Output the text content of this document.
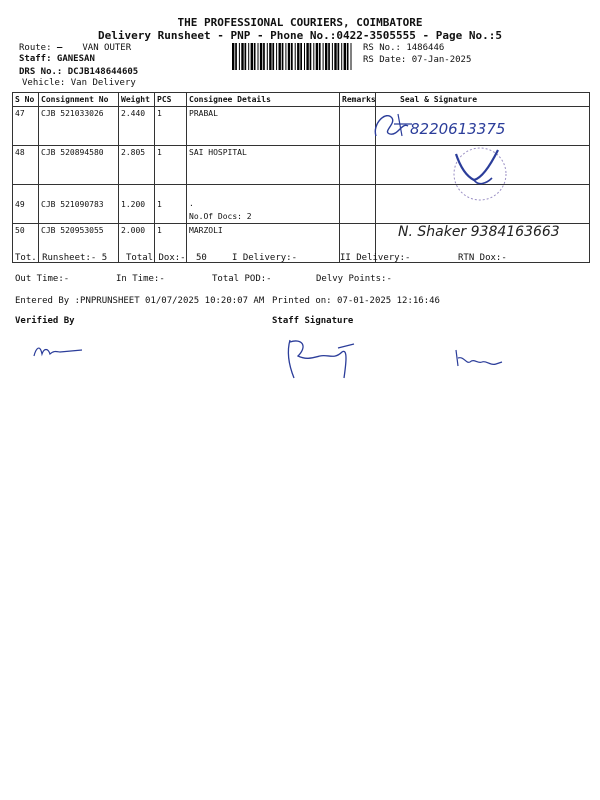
THE PROFESSIONAL COURIERS, COIMBATORE
Delivery Runsheet - PNP - Phone No.:0422-3505555 - Page No.:5
Route:	VAN OUTER
Staff: GANESAN
DRS No.: DCJB148644605
Vehicle: Van Delivery
RS No.: 1486446
RS Date: 07-Jan-2025
S No	Consignment No	Weight	PCS	Consignee Details	Remarks	Seal & Signature
47	CJB 521033026	2.440	1	PRABAL		
48	CJB 520894580	2.805	1	SAI HOSPITAL		
49	CJB 521090783	1.200	1	.
No.Of Docs: 2		

50	CJB 520953055	2.000	1	MARZOLI		
8220613375
N. Shaker 9384163663
Tot. Runsheet:- 5 Total Dox:- 50	I Delivery:-	II Delivery:-	RTN Dox:-
Out Time:-	In Time:-	Total POD:-	Delvy Points:-
Entered By :PNPRUNSHEET 01/07/2025 10:20:07 AM Printed on: 07-01-2025 12:16:46
Verified By	Staff Signature
